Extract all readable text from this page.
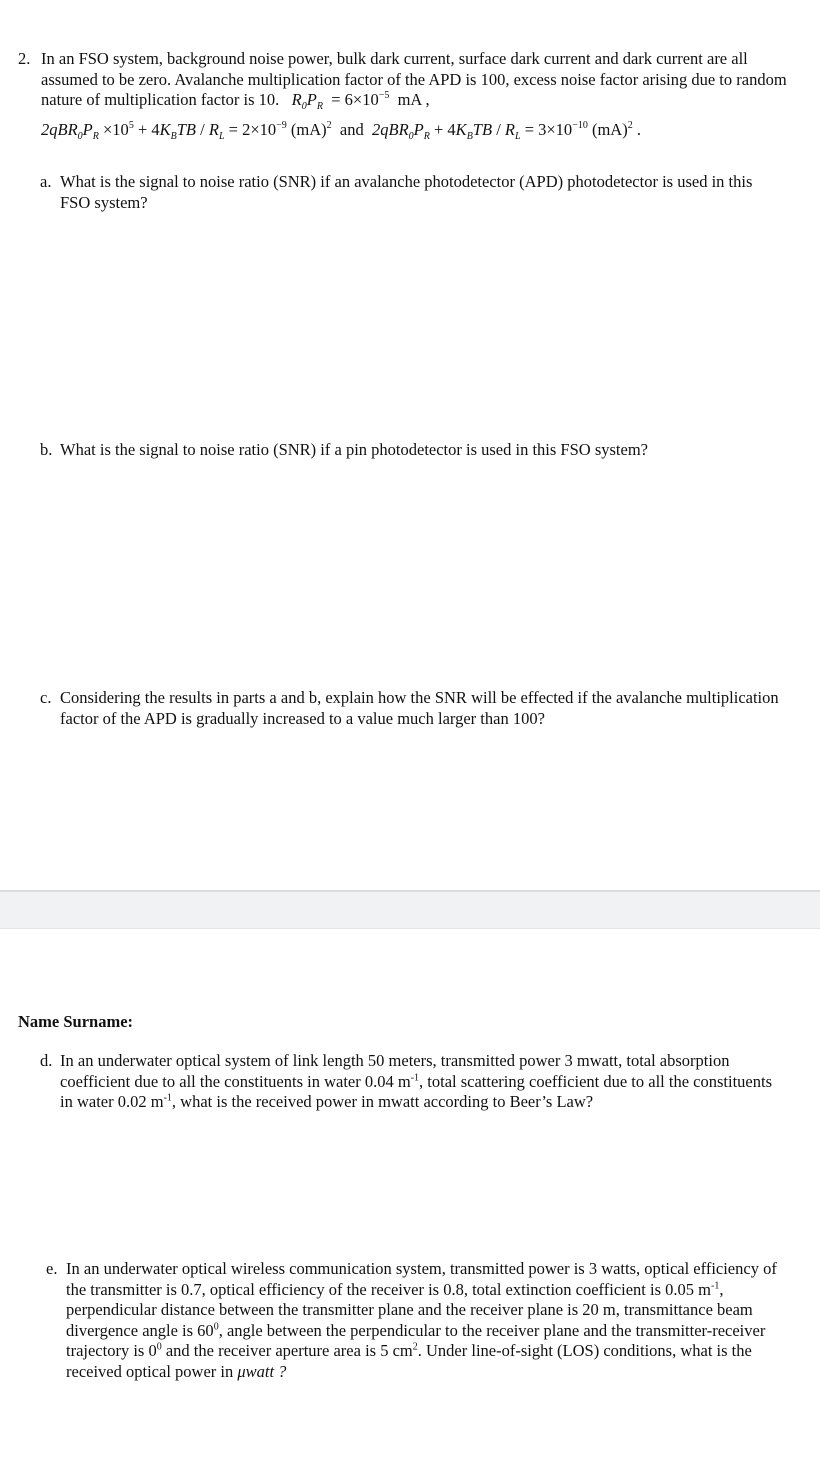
2. In an FSO system, background noise power, bulk dark current, surface dark current and dark current are all assumed to be zero. Avalanche multiplication factor of the APD is 100, excess noise factor arising due to random nature of multiplication factor is 10.   $R_0P_R = 6\times 10^{-5}$  mA ,
$2qBR_0P_R \times 10^5 + 4K_BTB / R_L = 2\times 10^{-9}$ (mA)$^2$ and $2qBR_0P_R + 4K_BTB / R_L = 3\times 10^{-10}$ (mA)$^2$ .
a. What is the signal to noise ratio (SNR) if an avalanche photodetector (APD) photodetector is used in this FSO system?
b. What is the signal to noise ratio (SNR) if a pin photodetector is used in this FSO system?
c. Considering the results in parts a and b, explain how the SNR will be effected if the avalanche multiplication factor of the APD is gradually increased to a value much larger than 100?
Name Surname:
d. In an underwater optical system of link length 50 meters, transmitted power 3 mwatt, total absorption coefficient due to all the constituents in water 0.04 $m^{-1}$, total scattering coefficient due to all the constituents in water 0.02 $m^{-1}$, what is the received power in mwatt according to Beer’s Law?
e. In an underwater optical wireless communication system, transmitted power is 3 watts, optical efficiency of the transmitter is 0.7, optical efficiency of the receiver is 0.8, total extinction coefficient is 0.05 $m^{-1}$, perpendicular distance between the transmitter plane and the receiver plane is 20 m, transmittance beam divergence angle is $60^0$, angle between the perpendicular to the receiver plane and the transmitter-receiver trajectory is $0^0$ and the receiver aperture area is 5 $cm^2$. Under line-of-sight (LOS) conditions, what is the received optical power in μwatt ?
